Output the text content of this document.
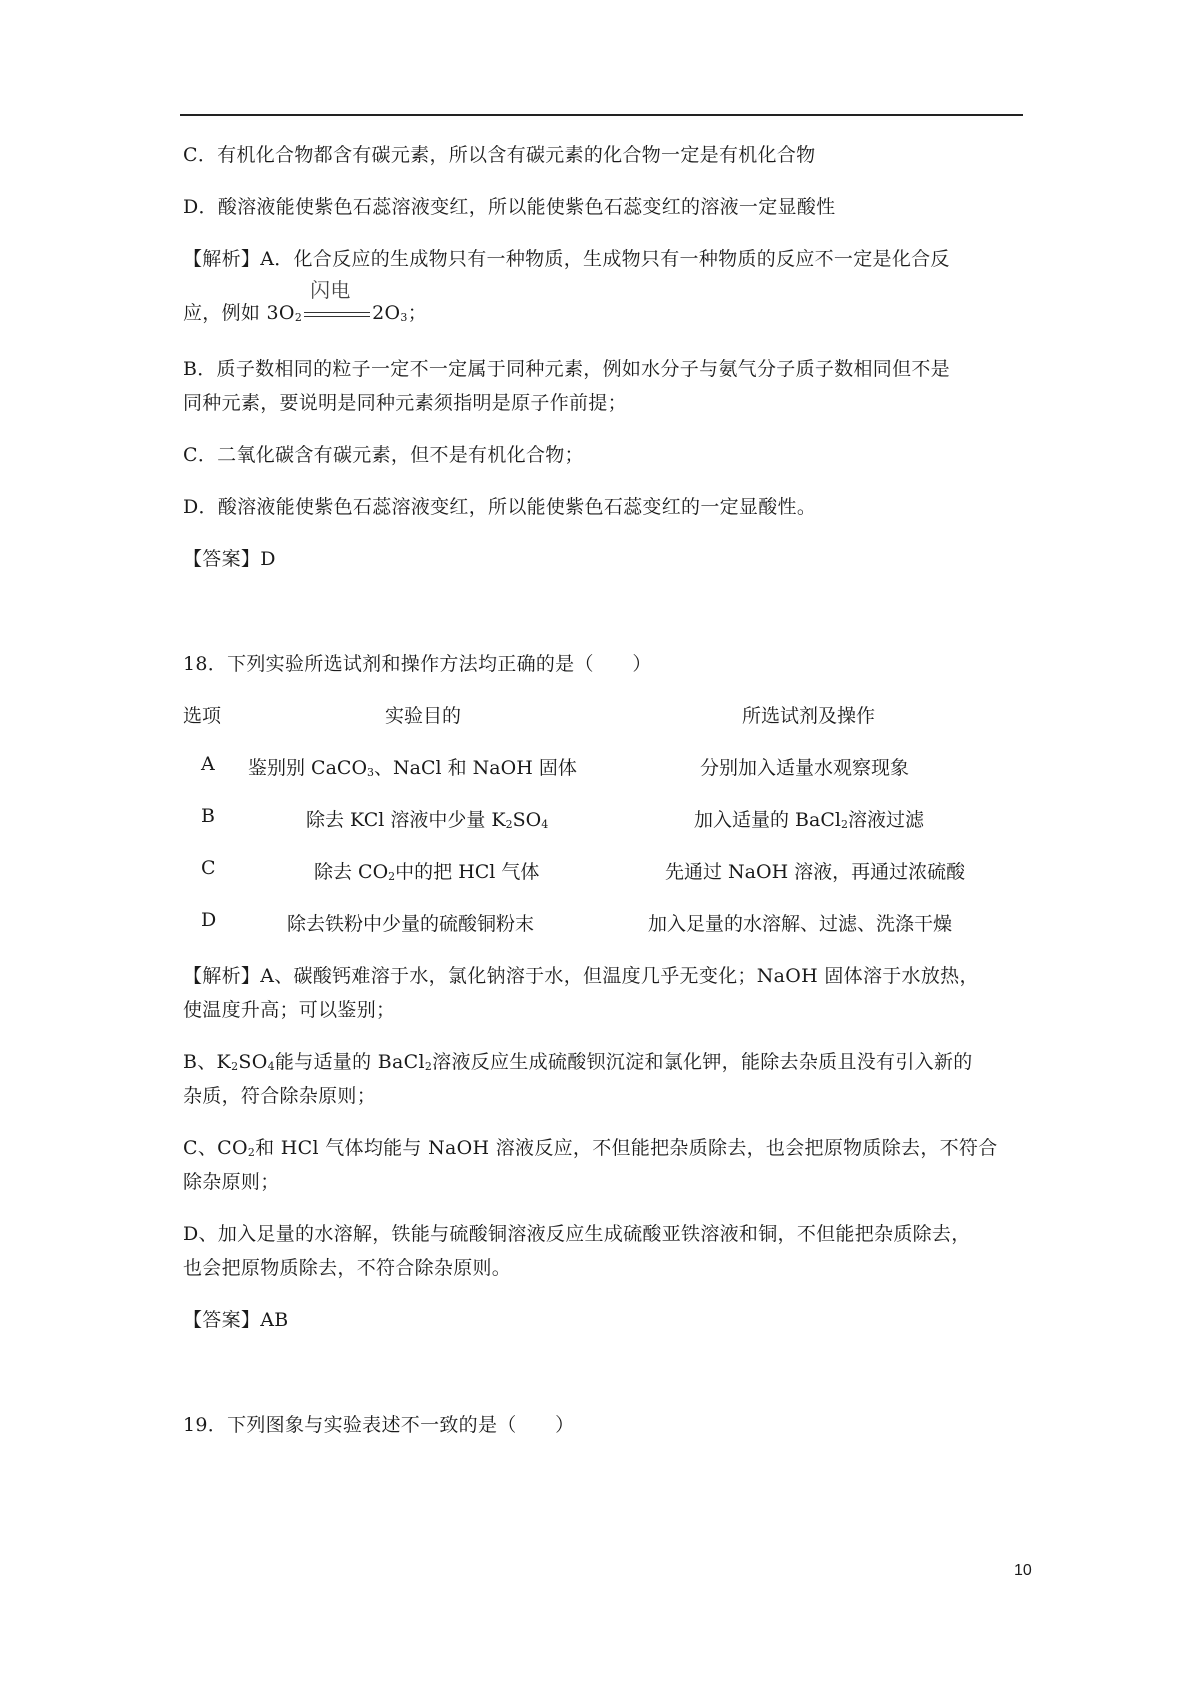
C．有机化合物都含有碳元素，所以含有碳元素的化合物一定是有机化合物
D．酸溶液能使紫色石蕊溶液变红，所以能使紫色石蕊变红的溶液一定显酸性
【解析】A．化合反应的生成物只有一种物质，生成物只有一种物质的反应不一定是化合反
应，例如 $3O_2$
闪电
$2O_3$；
B．质子数相同的粒子一定不一定属于同种元素，例如水分子与氨气分子质子数相同但不是
同种元素，要说明是同种元素须指明是原子作前提；
C．二氧化碳含有碳元素，但不是有机化合物；
D．酸溶液能使紫色石蕊溶液变红，所以能使紫色石蕊变红的一定显酸性。
【答案】D
18．下列实验所选试剂和操作方法均正确的是（　　）
选项	实验目的	所选试剂及操作
A 鉴别别 CaCO$_3$、NaCl 和 NaOH 固体	分别加入适量水观察现象
B	除去 KCl 溶液中少量 $K_2SO_4$	加入适量的 BaCl$_2$溶液过滤
C	除去 $CO_2$中的把 HCl 气体	先通过 NaOH 溶液，再通过浓硫酸
D	除去铁粉中少量的硫酸铜粉末	加入足量的水溶解、过滤、洗涤干燥
【解析】A、碳酸钙难溶于水，氯化钠溶于水，但温度几乎无变化；NaOH 固体溶于水放热，
使温度升高；可以鉴别；
B、$K_2SO_4$能与适量的 BaCl$_2$溶液反应生成硫酸钡沉淀和氯化钾，能除去杂质且没有引入新的
杂质，符合除杂原则；
C、$CO_2$和 HCl 气体均能与 NaOH 溶液反应，不但能把杂质除去，也会把原物质除去，不符合
除杂原则；
D、加入足量的水溶解，铁能与硫酸铜溶液反应生成硫酸亚铁溶液和铜，不但能把杂质除去，
也会把原物质除去，不符合除杂原则。
【答案】AB
19．下列图象与实验表述不一致的是（　　）
10
